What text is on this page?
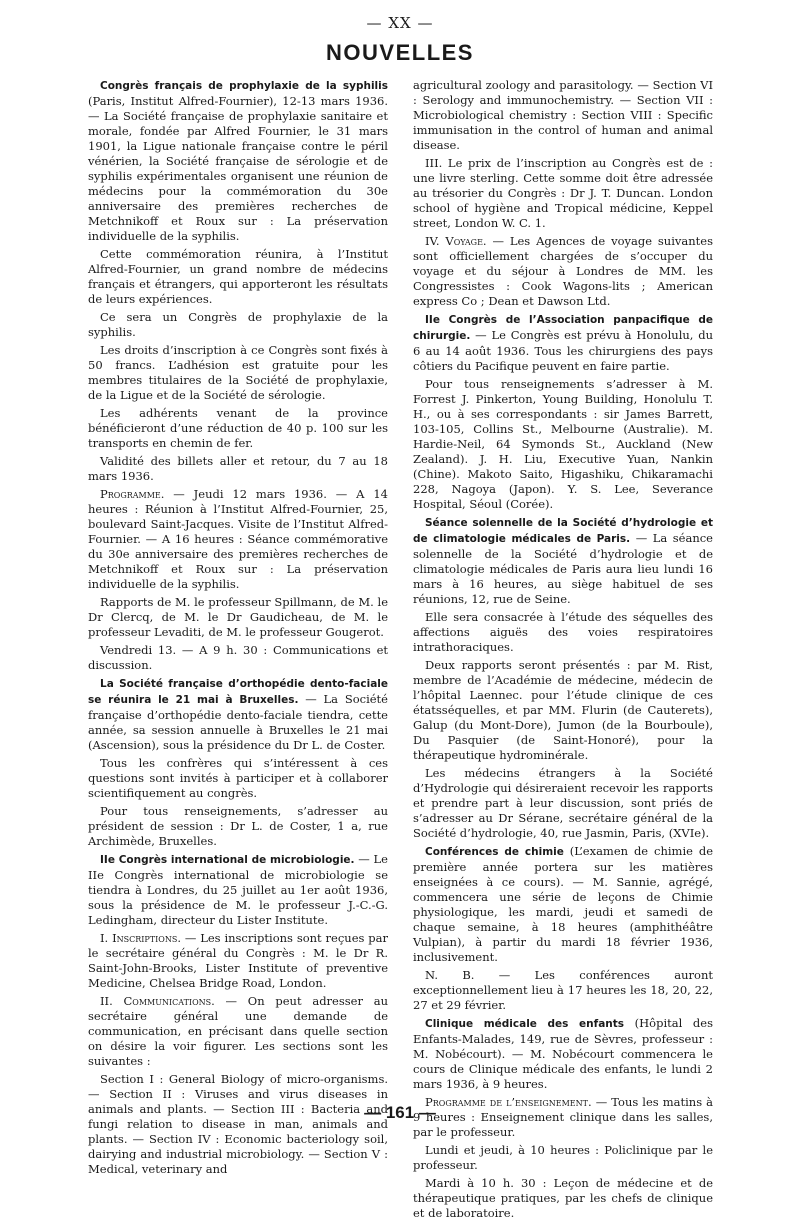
— XX —
NOUVELLES

Congrès français de prophylaxie de la syphilis (Paris, Institut Alfred-Fournier), 12-13 mars 1936. — La Société française de prophylaxie sanitaire et morale, fondée par Alfred Fournier, le 31 mars 1901, la Ligue nationale française contre le péril vénérien, la Société française de sérologie et de syphilis expérimentales organisent une réunion de médecins pour la commémoration du 30e anniversaire des premières recherches de Metchnikoff et Roux sur : La préservation individuelle de la syphilis.

Cette commémoration réunira, à l’Institut Alfred-Fournier, un grand nombre de médecins français et étrangers, qui apporteront les résultats de leurs expériences.

Ce sera un Congrès de prophylaxie de la syphilis.

Les droits d’inscription à ce Congrès sont fixés à 50 francs. L’adhésion est gratuite pour les membres titulaires de la Société de prophylaxie, de la Ligue et de la Société de sérologie.

Les adhérents venant de la province bénéficieront d’une réduction de 40 p. 100 sur les transports en chemin de fer.

Validité des billets aller et retour, du 7 au 18 mars 1936.

Programme. — Jeudi 12 mars 1936. — A 14 heures : Réunion à l’Institut Alfred-Fournier, 25, boulevard Saint-Jacques. Visite de l’Institut Alfred-Fournier. — A 16 heures : Séance commémorative du 30e anniversaire des premières recherches de Metchnikoff et Roux sur : La préservation individuelle de la syphilis.

Rapports de M. le professeur Spillmann, de M. le Dr Clercq, de M. le Dr Gaudicheau, de M. le professeur Levaditi, de M. le professeur Gougerot.

Vendredi 13. — A 9 h. 30 : Communications et discussion.

La Société française d’orthopédie dento-faciale se réunira le 21 mai à Bruxelles. — La Société française d’orthopédie dento-faciale tiendra, cette année, sa session annuelle à Bruxelles le 21 mai (Ascension), sous la présidence du Dr L. de Coster.

Tous les confrères qui s’intéressent à ces questions sont invités à participer et à collaborer scientifiquement au congrès.

Pour tous renseignements, s’adresser au président de session : Dr L. de Coster, 1 a, rue Archimède, Bruxelles.

IIe Congrès international de microbiologie. — Le IIe Congrès international de microbiologie se tiendra à Londres, du 25 juillet au 1er août 1936, sous la présidence de M. le professeur J.-C.-G. Ledingham, directeur du Lister Institute.

I. Inscriptions. — Les inscriptions sont reçues par le secrétaire général du Congrès : M. le Dr R. Saint-John-Brooks, Lister Institute of preventive Medicine, Chelsea Bridge Road, London.

II. Communications. — On peut adresser au secrétaire général une demande de communication, en précisant dans quelle section on désire la voir figurer. Les sections sont les suivantes :

Section I : General Biology of micro-organisms. — Section II : Viruses and virus diseases in animals and plants. — Section III : Bacteria and fungi relation to disease in man, animals and plants. — Section IV : Economic bacteriology soil, dairying and industrial microbiology. — Section V : Medical, veterinary and

agricultural zoology and parasitology. — Section VI : Serology and immunochemistry. — Section VII : Microbiological chemistry : Section VIII : Specific immunisation in the control of human and animal disease.

III. Le prix de l’inscription au Congrès est de : une livre sterling. Cette somme doit être adressée au trésorier du Congrès : Dr J. T. Duncan. London school of hygiène and Tropical médicine, Keppel street, London W. C. 1.

IV. Voyage. — Les Agences de voyage suivantes sont officiellement chargées de s’occuper du voyage et du séjour à Londres de MM. les Congressistes : Cook Wagons-lits ; American express Co ; Dean et Dawson Ltd.

IIe Congrès de l’Association panpacifique de chirurgie. — Le Congrès est prévu à Honolulu, du 6 au 14 août 1936. Tous les chirurgiens des pays côtiers du Pacifique peuvent en faire partie.

Pour tous renseignements s’adresser à M. Forrest J. Pinkerton, Young Building, Honolulu T. H., ou à ses correspondants : sir James Barrett, 103-105, Collins St., Melbourne (Australie). M. Hardie-Neil, 64 Symonds St., Auckland (New Zealand). J. H. Liu, Executive Yuan, Nankin (Chine). Makoto Saito, Higashiku, Chikaramachi 228, Nagoya (Japon). Y. S. Lee, Severance Hospital, Séoul (Corée).

Séance solennelle de la Société d’hydrologie et de climatologie médicales de Paris. — La séance solennelle de la Société d’hydrologie et de climatologie médicales de Paris aura lieu lundi 16 mars à 16 heures, au siège habituel de ses réunions, 12, rue de Seine.

Elle sera consacrée à l’étude des séquelles des affections aiguës des voies respiratoires intrathoraciques.

Deux rapports seront présentés : par M. Rist, membre de l’Académie de médecine, médecin de l’hôpital Laennec. pour l’étude clinique de ces étatsséquelles, et par MM. Flurin (de Cauterets), Galup (du Mont-Dore), Jumon (de la Bourboule), Du Pasquier (de Saint-Honoré), pour la thérapeutique hydrominérale.

Les médecins étrangers à la Société d’Hydrologie qui désireraient recevoir les rapports et prendre part à leur discussion, sont priés de s’adresser au Dr Sérane, secrétaire général de la Société d’hydrologie, 40, rue Jasmin, Paris, (XVIe).

Conférences de chimie (L’examen de chimie de première année portera sur les matières enseignées à ce cours). — M. Sannie, agrégé, commencera une série de leçons de Chimie physiologique, les mardi, jeudi et samedi de chaque semaine, à 18 heures (amphithéâtre Vulpian), à partir du mardi 18 février 1936, inclusivement.

N. B. — Les conférences auront exceptionnellement lieu à 17 heures les 18, 20, 22, 27 et 29 février.

Clinique médicale des enfants (Hôpital des Enfants-Malades, 149, rue de Sèvres, professeur : M. Nobécourt). — M. Nobécourt commencera le cours de Clinique médicale des enfants, le lundi 2 mars 1936, à 9 heures.

Programme de l’enseignement. — Tous les matins à 9 heures : Enseignement clinique dans les salles, par le professeur.

Lundi et jeudi, à 10 heures : Policlinique par le professeur.

Mardi à 10 h. 30 : Leçon de médecine et de thérapeutique pratiques, par les chefs de clinique et de laboratoire.

— 161 —
